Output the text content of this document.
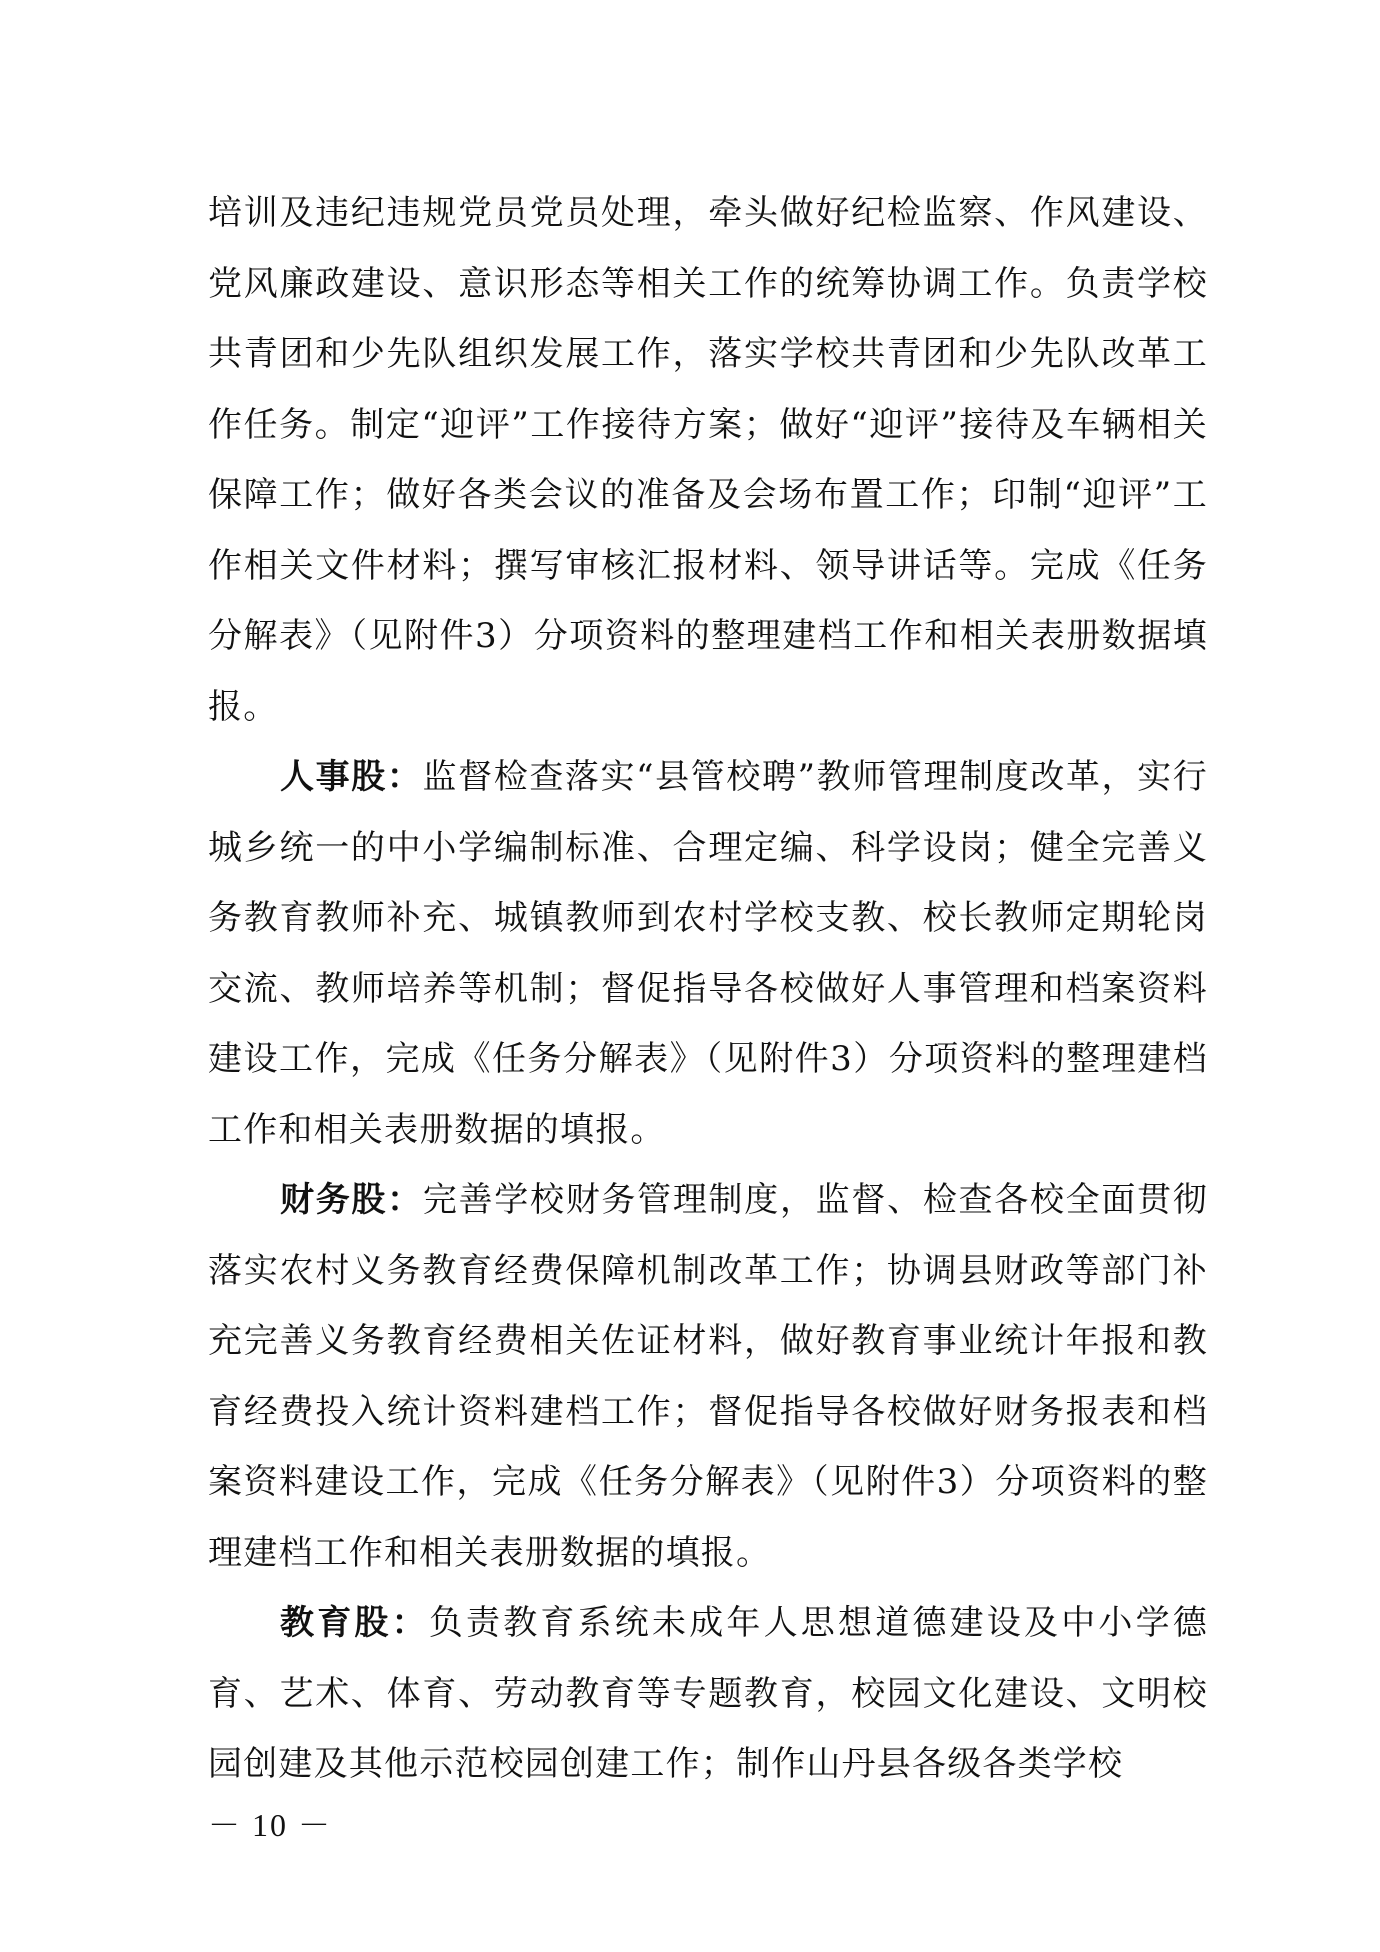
培训及违纪违规党员党员处理，牵头做好纪检监察、作风建设、党风廉政建设、意识形态等相关工作的统筹协调工作。负责学校共青团和少先队组织发展工作，落实学校共青团和少先队改革工作任务。制定“迎评”工作接待方案；做好“迎评”接待及车辆相关保障工作；做好各类会议的准备及会场布置工作；印制“迎评”工作相关文件材料；撰写审核汇报材料、领导讲话等。完成《任务分解表》（见附件3）分项资料的整理建档工作和相关表册数据填报。

人事股：监督检查落实“县管校聘”教师管理制度改革，实行城乡统一的中小学编制标准、合理定编、科学设岗；健全完善义务教育教师补充、城镇教师到农村学校支教、校长教师定期轮岗交流、教师培养等机制；督促指导各校做好人事管理和档案资料建设工作，完成《任务分解表》（见附件3）分项资料的整理建档工作和相关表册数据的填报。

财务股：完善学校财务管理制度，监督、检查各校全面贯彻落实农村义务教育经费保障机制改革工作；协调县财政等部门补充完善义务教育经费相关佐证材料，做好教育事业统计年报和教育经费投入统计资料建档工作；督促指导各校做好财务报表和档案资料建设工作，完成《任务分解表》（见附件3）分项资料的整理建档工作和相关表册数据的填报。

教育股：负责教育系统未成年人思想道德建设及中小学德育、艺术、体育、劳动教育等专题教育，校园文化建设、文明校园创建及其他示范校园创建工作；制作山丹县各级各类学校

－ 10 －
